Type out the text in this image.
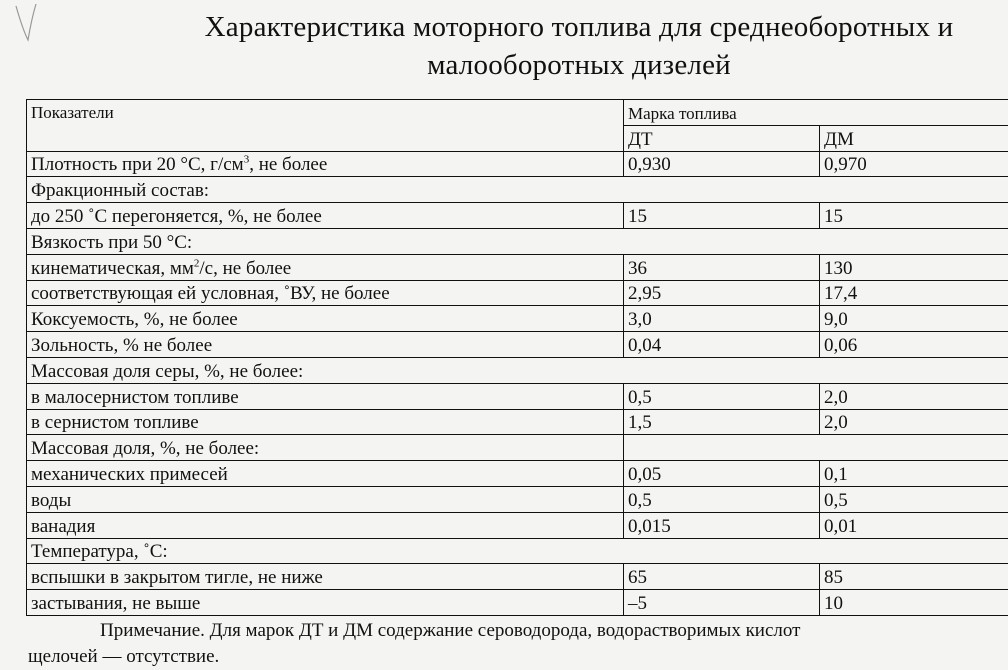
Характеристика моторного топлива для среднеоборотных и
малооборотных дизелей
Показатели	Марка топлива	
	ДТ	ДМ
Плотность при 20 °С, $г/см^3$, не более	0,930	0,970
Фракционный состав:		
до 250 ˚С перегоняется, %, не более	15	15
Вязкость при 50 °С:		
кинематическая, $мм^2/с$, не более	36	130
соответствующая ей условная, ˚ВУ, не более	2,95	17,4
Коксуемость, %, не более	3,0	9,0
Зольность, % не более	0,04	0,06
Массовая доля серы, %, не более:		
в малосернистом топливе	0,5	2,0
в сернистом топливе	1,5	2,0
Массовая доля, %, не более:		
механических примесей	0,05	0,1
воды	0,5	0,5
ванадия	0,015	0,01
Температура, ˚С:		
вспышки в закрытом тигле, не ниже	65	85
застывания, не выше	–5	10
Примечание. Для марок ДТ и ДМ содержание сероводорода, водорастворимых кислот
щелочей — отсутствие.
